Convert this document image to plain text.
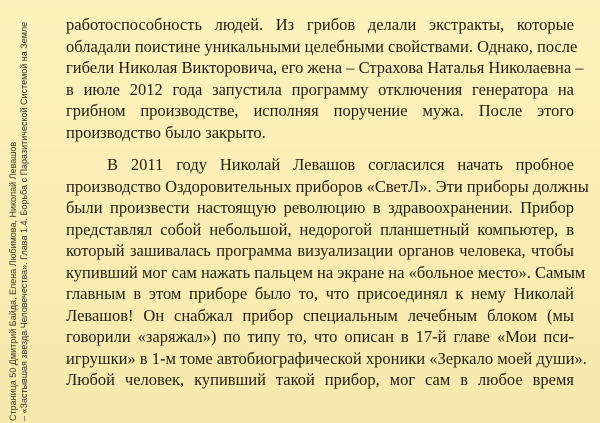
Страница 50 Дмитрий Байда, Елена Любимова, Николай Левашов – «Застывшая звезда Человечества». Глава 1.4. Борьба с Паразитической Системой на Земле работоспособность людей. Из грибов делали экстракты, которые
обладали поистине уникальными целебными свойствами. Однако, после
гибели Николая Викторовича, его жена – Страхова Наталья Николаевна –
в июле 2012 года запустила программу отключения генератора на
грибном производстве, исполняя поручение мужа. После этого
производство было закрыто.
В 2011 году Николай Левашов согласился начать пробное
производство Оздоровительных приборов «СветЛ». Эти приборы должны
были произвести настоящую революцию в здравоохранении. Прибор
представлял собой небольшой, недорогой планшетный компьютер, в
который зашивалась программа визуализации органов человека, чтобы
купивший мог сам нажать пальцем на экране на «больное место». Самым
главным в этом приборе было то, что присоединял к нему Николай
Левашов! Он снабжал прибор специальным лечебным блоком (мы
говорили «заряжал») по типу то, что описан в 17-й главе «Мои пси-
игрушки» в 1-м томе автобиографической хроники «Зеркало моей души».
Любой человек, купивший такой прибор, мог сам в любое время
